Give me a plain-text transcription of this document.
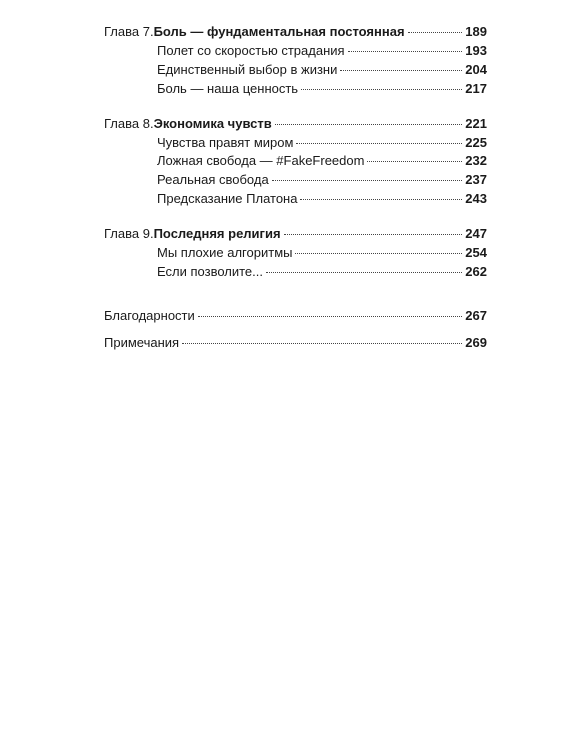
Глава 7. Боль — фундаментальная постоянная	189
Полет со скоростью страдания	193
Единственный выбор в жизни	204
Боль — наша ценность	217
Глава 8. Экономика чувств	221
Чувства правят миром	225
Ложная свобода — #FakeFreedom	232
Реальная свобода	237
Предсказание Платона	243
Глава 9. Последняя религия	247
Мы плохие алгоритмы	254
Если позволите...	262
Благодарности	267
Примечания	269
